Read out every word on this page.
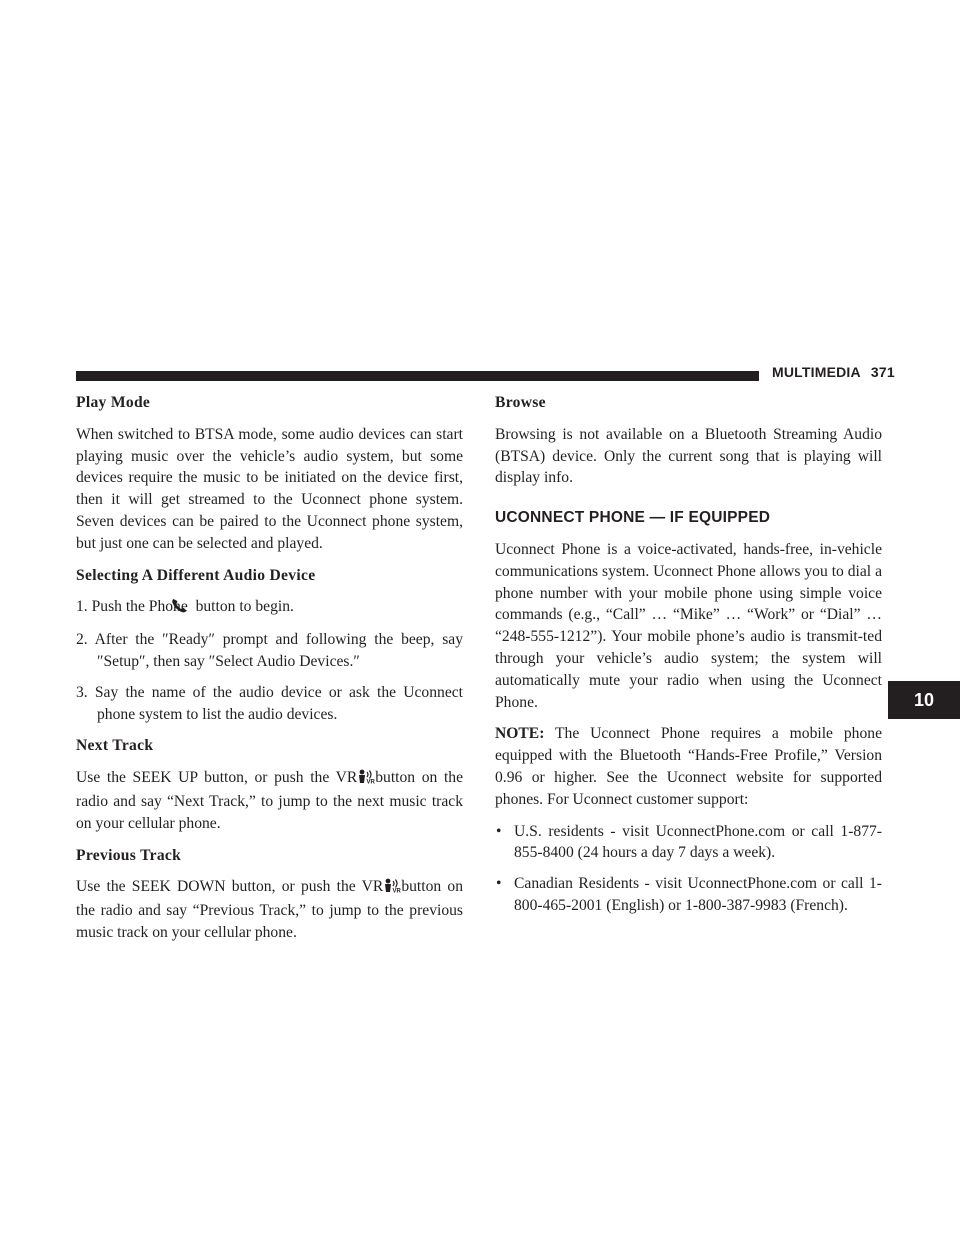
MULTIMEDIA 371
10
Play Mode

When switched to BTSA mode, some audio devices can start playing music over the vehicle’s audio system, but some devices require the music to be initiated on the device first, then it will get streamed to the Uconnect phone system. Seven devices can be paired to the Uconnect phone system, but just one can be selected and played.

Selecting A Different Audio Device
1. Push the Phone button to begin.
2. After the ″Ready″ prompt and following the beep, say ″Setup″, then say ″Select Audio Devices.″
3. Say the name of the audio device or ask the Uconnect phone system to list the audio devices.
Next Track

Use the SEEK UP button, or push the VR VR button on the radio and say “Next Track,” to jump to the next music track on your cellular phone.

Previous Track

Use the SEEK DOWN button, or push the VR VR button on the radio and say “Previous Track,” to jump to the previous music track on your cellular phone.

Browse

Browsing is not available on a Bluetooth Streaming Audio (BTSA) device. Only the current song that is playing will display info.

UCONNECT PHONE — IF EQUIPPED

Uconnect Phone is a voice-activated, hands-free, in-vehicle communications system. Uconnect Phone allows you to dial a phone number with your mobile phone using simple voice commands (e.g., “Call” … “Mike” … “Work” or “Dial” … “248-555-1212”). Your mobile phone’s audio is transmit-ted through your vehicle’s audio system; the system will automatically mute your radio when using the Uconnect Phone.

NOTE: The Uconnect Phone requires a mobile phone equipped with the Bluetooth “Hands-Free Profile,” Version 0.96 or higher. See the Uconnect website for supported phones. For Uconnect customer support:

• U.S. residents - visit UconnectPhone.com or call 1-877-855-8400 (24 hours a day 7 days a week).
• Canadian Residents - visit UconnectPhone.com or call 1-800-465-2001 (English) or 1-800-387-9983 (French).
